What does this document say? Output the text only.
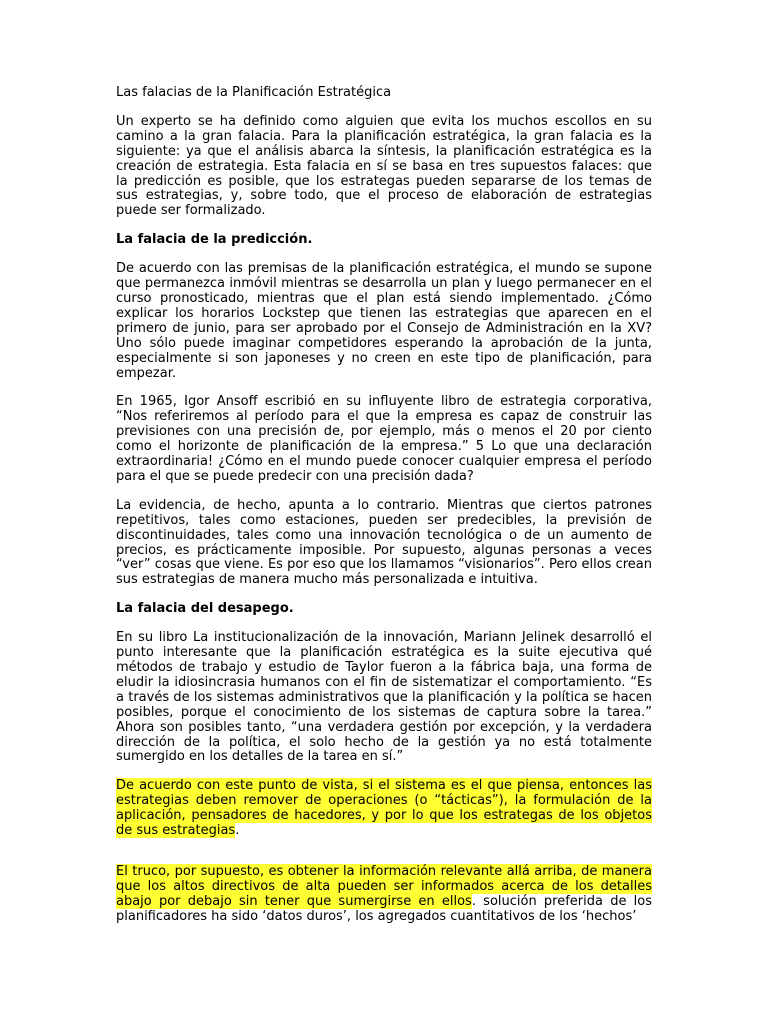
Las falacias de la Planificación Estratégica

Un experto se ha definido como alguien que evita los muchos escollos en su camino a la gran falacia. Para la planificación estratégica, la gran falacia es la siguiente: ya que el análisis abarca la síntesis, la planificación estratégica es la creación de estrategia. Esta falacia en sí se basa en tres supuestos falaces: que la predicción es posible, que los estrategas pueden separarse de los temas de sus estrategias, y, sobre todo, que el proceso de elaboración de estrategias puede ser formalizado.

La falacia de la predicción.

De acuerdo con las premisas de la planificación estratégica, el mundo se supone que permanezca inmóvil mientras se desarrolla un plan y luego permanecer en el curso pronosticado, mientras que el plan está siendo implementado. ¿Cómo explicar los horarios Lockstep que tienen las estrategias que aparecen en el primero de junio, para ser aprobado por el Consejo de Administración en la XV? Uno sólo puede imaginar competidores esperando la aprobación de la junta, especialmente si son japoneses y no creen en este tipo de planificación, para empezar.

En 1965, Igor Ansoff escribió en su influyente libro de estrategia corporativa, “Nos referiremos al período para el que la empresa es capaz de construir las previsiones con una precisión de, por ejemplo, más o menos el 20 por ciento como el horizonte de planificación de la empresa.” 5 Lo que una declaración extraordinaria! ¿Cómo en el mundo puede conocer cualquier empresa el período para el que se puede predecir con una precisión dada?

La evidencia, de hecho, apunta a lo contrario. Mientras que ciertos patrones repetitivos, tales como estaciones, pueden ser predecibles, la previsión de discontinuidades, tales como una innovación tecnológica o de un aumento de precios, es prácticamente imposible. Por supuesto, algunas personas a veces “ver” cosas que viene. Es por eso que los llamamos “visionarios”. Pero ellos crean sus estrategias de manera mucho más personalizada e intuitiva.

La falacia del desapego.

En su libro La institucionalización de la innovación, Mariann Jelinek desarrolló el punto interesante que la planificación estratégica es la suite ejecutiva qué métodos de trabajo y estudio de Taylor fueron a la fábrica baja, una forma de eludir la idiosincrasia humanos con el fin de sistematizar el comportamiento. “Es a través de los sistemas administrativos que la planificación y la política se hacen posibles, porque el conocimiento de los sistemas de captura sobre la tarea.” Ahora son posibles tanto, “una verdadera gestión por excepción, y la verdadera dirección de la política, el solo hecho de la gestión ya no está totalmente sumergido en los detalles de la tarea en sí.”

De acuerdo con este punto de vista, si el sistema es el que piensa, entonces las estrategias deben remover de operaciones (o “tácticas”), la formulación de la aplicación, pensadores de hacedores, y por lo que los estrategas de los objetos de sus estrategias.

El truco, por supuesto, es obtener la información relevante allá arriba, de manera que los altos directivos de alta pueden ser informados acerca de los detalles abajo por debajo sin tener que sumergirse en ellos. solución preferida de los planificadores ha sido ‘datos duros’, los agregados cuantitativos de los ‘hechos’
